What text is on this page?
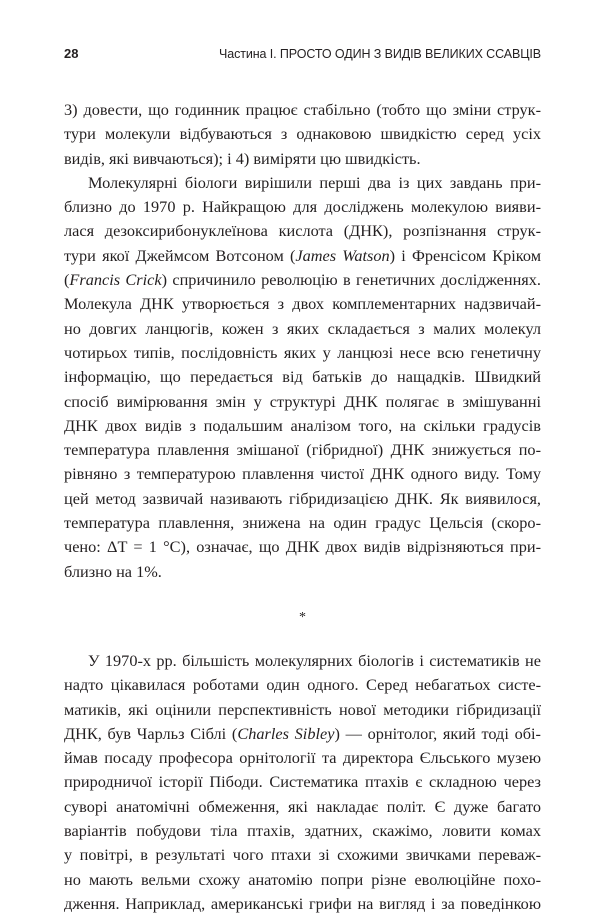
28	Частина І. ПРОСТО ОДИН З ВИДІВ ВЕЛИКИХ ССАВЦІВ

3) довести, що годинник працює стабільно (тобто що зміни струк-

тури молекули відбуваються з однаковою швидкістю серед усіх

видів, які вивчаються); і 4) виміряти цю швидкість.

Молекулярні біологи вирішили перші два із цих завдань при-

близно до 1970 р. Найкращою для досліджень молекулою вияви-

лася дезоксирибонуклеїнова кислота (ДНК), розпізнання струк-

тури якої Джеймсом Вотсоном (James Watson) і Френсісом Кріком

(Francis Crick) спричинило революцію в генетичних дослідженнях.

Молекула ДНК утворюється з двох комплементарних надзвичай-

но довгих ланцюгів, кожен з яких складається з малих молекул

чотирьох типів, послідовність яких у ланцюзі несе всю генетичну

інформацію, що передається від батьків до нащадків. Швидкий

спосіб вимірювання змін у структурі ДНК полягає в змішуванні

ДНК двох видів з подальшим аналізом того, на скільки градусів

температура плавлення змішаної (гібридної) ДНК знижується по-

рівняно з температурою плавлення чистої ДНК одного виду. Тому

цей метод зазвичай називають гібридизацією ДНК. Як виявилося,

температура плавлення, знижена на один градус Цельсія (скоро-

чено: ΔT = 1 °C), означає, що ДНК двох видів відрізняються при-

близно на 1%.

*

У 1970-х рр. більшість молекулярних біологів і систематиків не

надто цікавилася роботами один одного. Серед небагатьох систе-

матиків, які оцінили перспективність нової методики гібридизації

ДНК, був Чарльз Сіблі (Charles Sibley) — орнітолог, який тоді обі-

ймав посаду професора орнітології та директора Єльського музею

природничої історії Пібоди. Систематика птахів є складною через

суворі анатомічні обмеження, які накладає політ. Є дуже багато

варіантів побудови тіла птахів, здатних, скажімо, ловити комах

у повітрі, в результаті чого птахи зі схожими звичками переваж-

но мають вельми схожу анатомію попри різне еволюційне похо-

дження. Наприклад, американські грифи на вигляд і за поведінкою
